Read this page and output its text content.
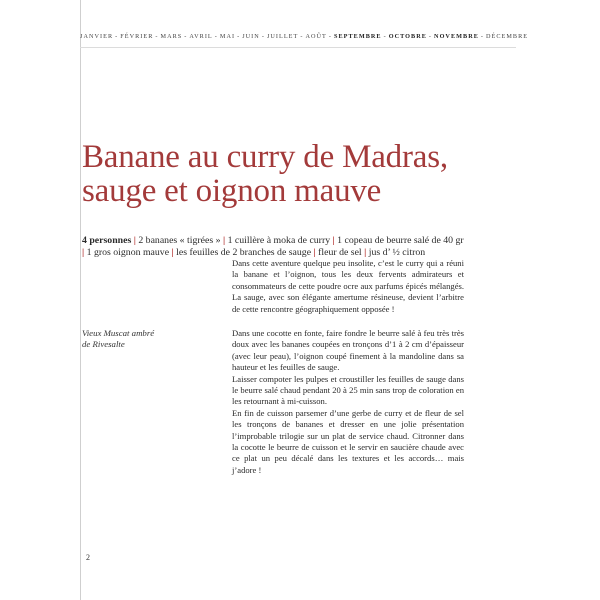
JANVIER - FÉVRIER - MARS - AVRIL - MAI - JUIN - JUILLET - AOÛT - SEPTEMBRE - OCTOBRE - NOVEMBRE - DÉCEMBRE
Banane au curry de Madras,
sauge et oignon mauve
4 personnes | 2 bananes « tigrées » | 1 cuillère à moka de curry | 1 copeau de beurre salé de 40 gr | 1 gros oignon mauve | les feuilles de 2 branches de sauge | fleur de sel | jus d’ ½ citron
Dans cette aventure quelque peu insolite, c’est le curry qui a réuni la banane et l’oignon, tous les deux fervents admirateurs et consommateurs de cette poudre ocre aux parfums épicés mélangés. La sauge, avec son élégante amertume résineuse, devient l’arbitre de cette rencontre géographiquement opposée !
Vieux Muscat ambré
de Rivesalte

Dans une cocotte en fonte, faire fondre le beurre salé à feu très très doux avec les bananes coupées en tronçons d’1 à 2 cm d’épaisseur (avec leur peau), l’oignon coupé finement à la mandoline dans sa hauteur et les feuilles de sauge.

Laisser compoter les pulpes et croustiller les feuilles de sauge dans le beurre salé chaud pendant 20 à 25 min sans trop de coloration en les retournant à mi-cuisson.

En fin de cuisson parsemer d’une gerbe de curry et de fleur de sel les tronçons de bananes et dresser en une jolie présentation l’improbable trilogie sur un plat de service chaud. Citronner dans la cocotte le beurre de cuisson et le servir en saucière chaude avec ce plat un peu décalé dans les textures et les accords… mais j’adore !

2
